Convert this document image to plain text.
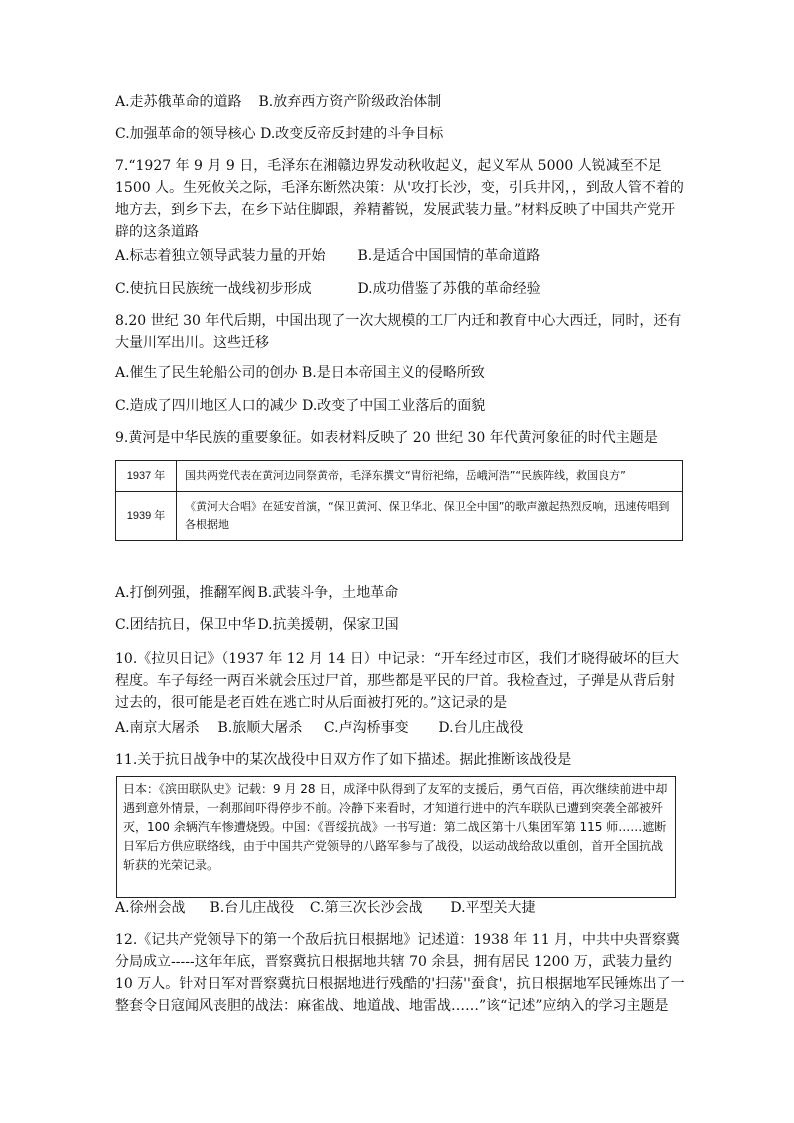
A.走苏俄革命的道路 B.放弃西方资产阶级政治体制
C.加强革命的领导核心 D.改变反帝反封建的斗争目标
7.“1927 年 9 月 9 日，毛泽东在湘赣边界发动秋收起义，起义军从 5000 人锐减至不足 1500 人。生死攸关之际，毛泽东断然决策：从'攻打长沙，变，引兵井冈，，到敌人管不着的地方去，到乡下去，在乡下站住脚跟，养精蓄锐，发展武装力量。”材料反映了中国共产党开辟的这条道路
A.标志着独立领导武装力量的开始 B.是适合中国国情的革命道路
C.使抗日民族统一战线初步形成	D.成功借鉴了苏俄的革命经验
8.20 世纪 30 年代后期，中国出现了一次大规模的工厂内迁和教育中心大西迁，同时，还有大量川军出川。这些迁移
A.催生了民生轮船公司的创办 B.是日本帝国主义的侵略所致
C.造成了四川地区人口的减少 D.改变了中国工业落后的面貌
9.黄河是中华民族的重要象征。如表材料反映了 20 世纪 30 年代黄河象征的时代主题是
1937 年	国共两党代表在黄河边同祭黄帝，毛泽东撰文“胄衍祀绵，岳峨河浩”“民族阵线，救国良方”
1939 年	《黄河大合唱》在延安首演，“保卫黄河、保卫华北、保卫全中国”的歌声激起热烈反响，迅速传唱到各根据地
A.打倒列强，推翻军阀 B.武装斗争，土地革命
C.团结抗日，保卫中华 D.抗美援朝，保家卫国
10.《拉贝日记》（1937 年 12 月 14 日）中记录：“开车经过市区，我们才晓得破坏的巨大程度。车子每经一两百米就会压过尸首，那些都是平民的尸首。我检查过，子弹是从背后射过去的，很可能是老百姓在逃亡时从后面被打死的。”这记录的是
A.南京大屠杀 B.旅顺大屠杀 C.卢沟桥事变 D.台儿庄战役
11.关于抗日战争中的某次战役中日双方作了如下描述。据此推断该战役是
日本：《滨田联队史》记载：9 月 28 日，成泽中队得到了友军的支援后，勇气百倍，再次继续前进中却遇到意外情景，一刹那间吓得停步不前。冷静下来看时，才知道行进中的汽车联队已遭到突袭全部被歼灭，100 余辆汽车惨遭烧毁。中国：《晋绥抗战》一书写道：第二战区第十八集团军第 115 师……遮断日军后方供应联络线，由于中国共产党领导的八路军参与了战役，以运动战给敌以重创，首开全国抗战斩获的光荣记录。
A.徐州会战 B.台儿庄战役 C.第三次长沙会战 D.平型关大捷
12.《记共产党领导下的第一个敌后抗日根据地》记述道：1938 年 11 月，中共中央晋察冀分局成立-----这年年底，晋察冀抗日根据地共辖 70 余县，拥有居民 1200 万，武装力量约 10 万人。针对日军对晋察冀抗日根据地进行残酷的'扫荡''蚕食'，抗日根据地军民锤炼出了一整套令日寇闻风丧胆的战法：麻雀战、地道战、地雷战……”该“记述”应纳入的学习主题是
